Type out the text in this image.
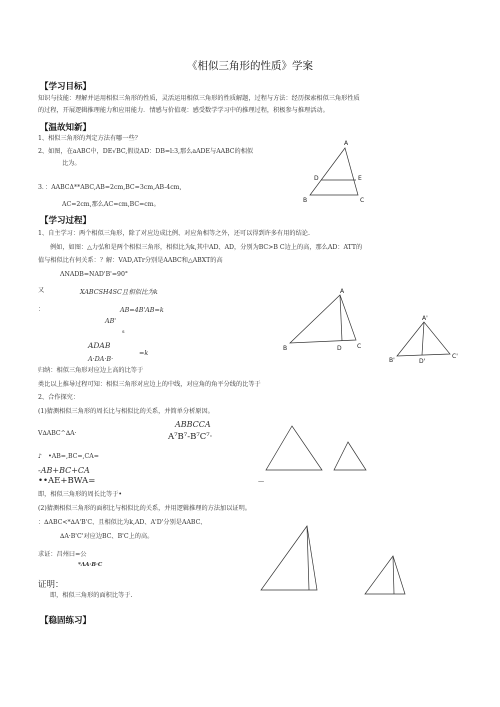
《相似三角形的性质》学案
【学习目标】
知识与技能：理解并运用相似三角形的性质，灵活运用相似三角形的性质解题，过程与方法：经历探索相似三角形性质
的过程，开展逻辑推理能力和应用能力．情感与价值观：感受数学学习中的推理过程，积极参与推理活动。
【温故知新】
1、相似三角形的判定方法有哪一些？
2、如图，在aABC中，DE√BC,假设AD：DB=l:3,那么aADE与AABC的相似
比为。
3．：AABCΔ**ABC,AB=2cm,BC=3cm,AB-4cm,
AC=2cm,那么AC=cm,BC=cm。
A
D	E
B	C
【学习过程】
1、自主学习：两个相似三角形，除了对应边成比例、对应角相等之外，还可以得到许多有用的结论.
例如，如图：△力弘和是两个相似三角形，相似比为k,其中AD、AD，分别为BC>B C边上的高，那么AD：ATT的
值与相似比有何关系：？解：VAD,ATr分别是AABC和△ABXT的高
ΛNADB=NAD'B'=90°
又	XABCSH4SC且相似比为k
：	AB=4B'AB=k
AB'
s
ADAB
A·DA·B·
=k
A
B	D	C
A'
B'	D'
C'
归纳：相似三角形对应边上高的比等于
类比以上推导过程可知：相似三角形对应边上的中线，对应角的角平分线的比等于
2、合作探究：
(1)猜测相似三角形的周长比与相似比的关系，并简单分析原因。
V∆ABC^∆A·
ABBCCA
A⁷B⁷-B⁷C⁷·
♪　•AB=,BC=,CA=
-AB+BC+CA
••AE+BWA=	—
即，相似三角形的周长比等于•
(2)猜测相似三角形的面积比与相似比的关系，并用逻辑推理的方法加以证明。
：∆ABC<*∆A'B'C、且相似比为k,AD、A'D'分别是AABC、
∆A·B'C'对应边BC、B'C上的高。
求证：昌州曰=公
*ΛA·B·C
证明：
即，相似三角形的面积比等于.
【稳固练习】
